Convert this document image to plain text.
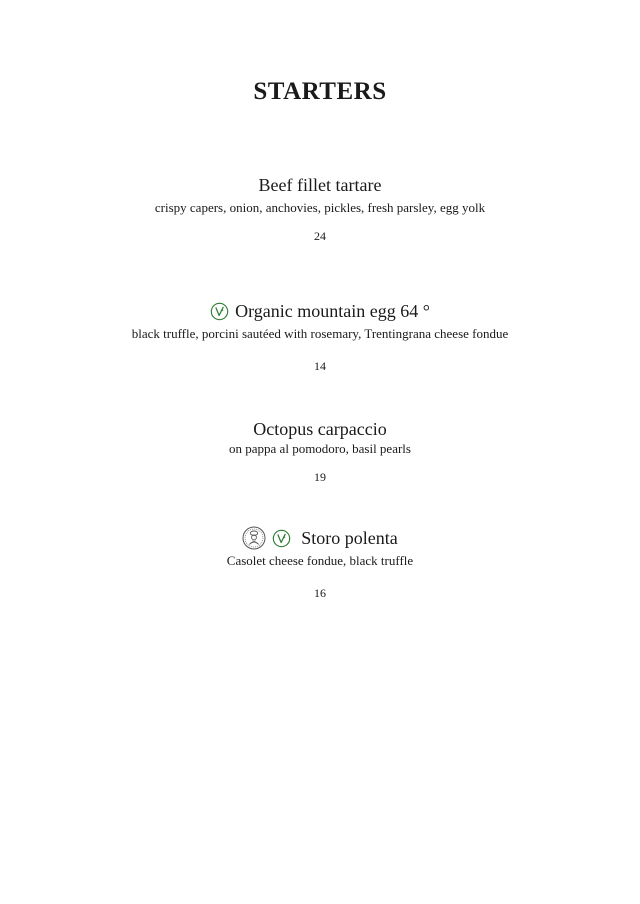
STARTERS
Beef fillet tartare
crispy capers, onion, anchovies, pickles, fresh parsley, egg yolk
24
Organic mountain egg 64 °
black truffle, porcini sautéed with rosemary, Trentingrana cheese fondue
14
Octopus carpaccio
on pappa al pomodoro, basil pearls
19
Storo polenta
Casolet cheese fondue, black truffle
16
